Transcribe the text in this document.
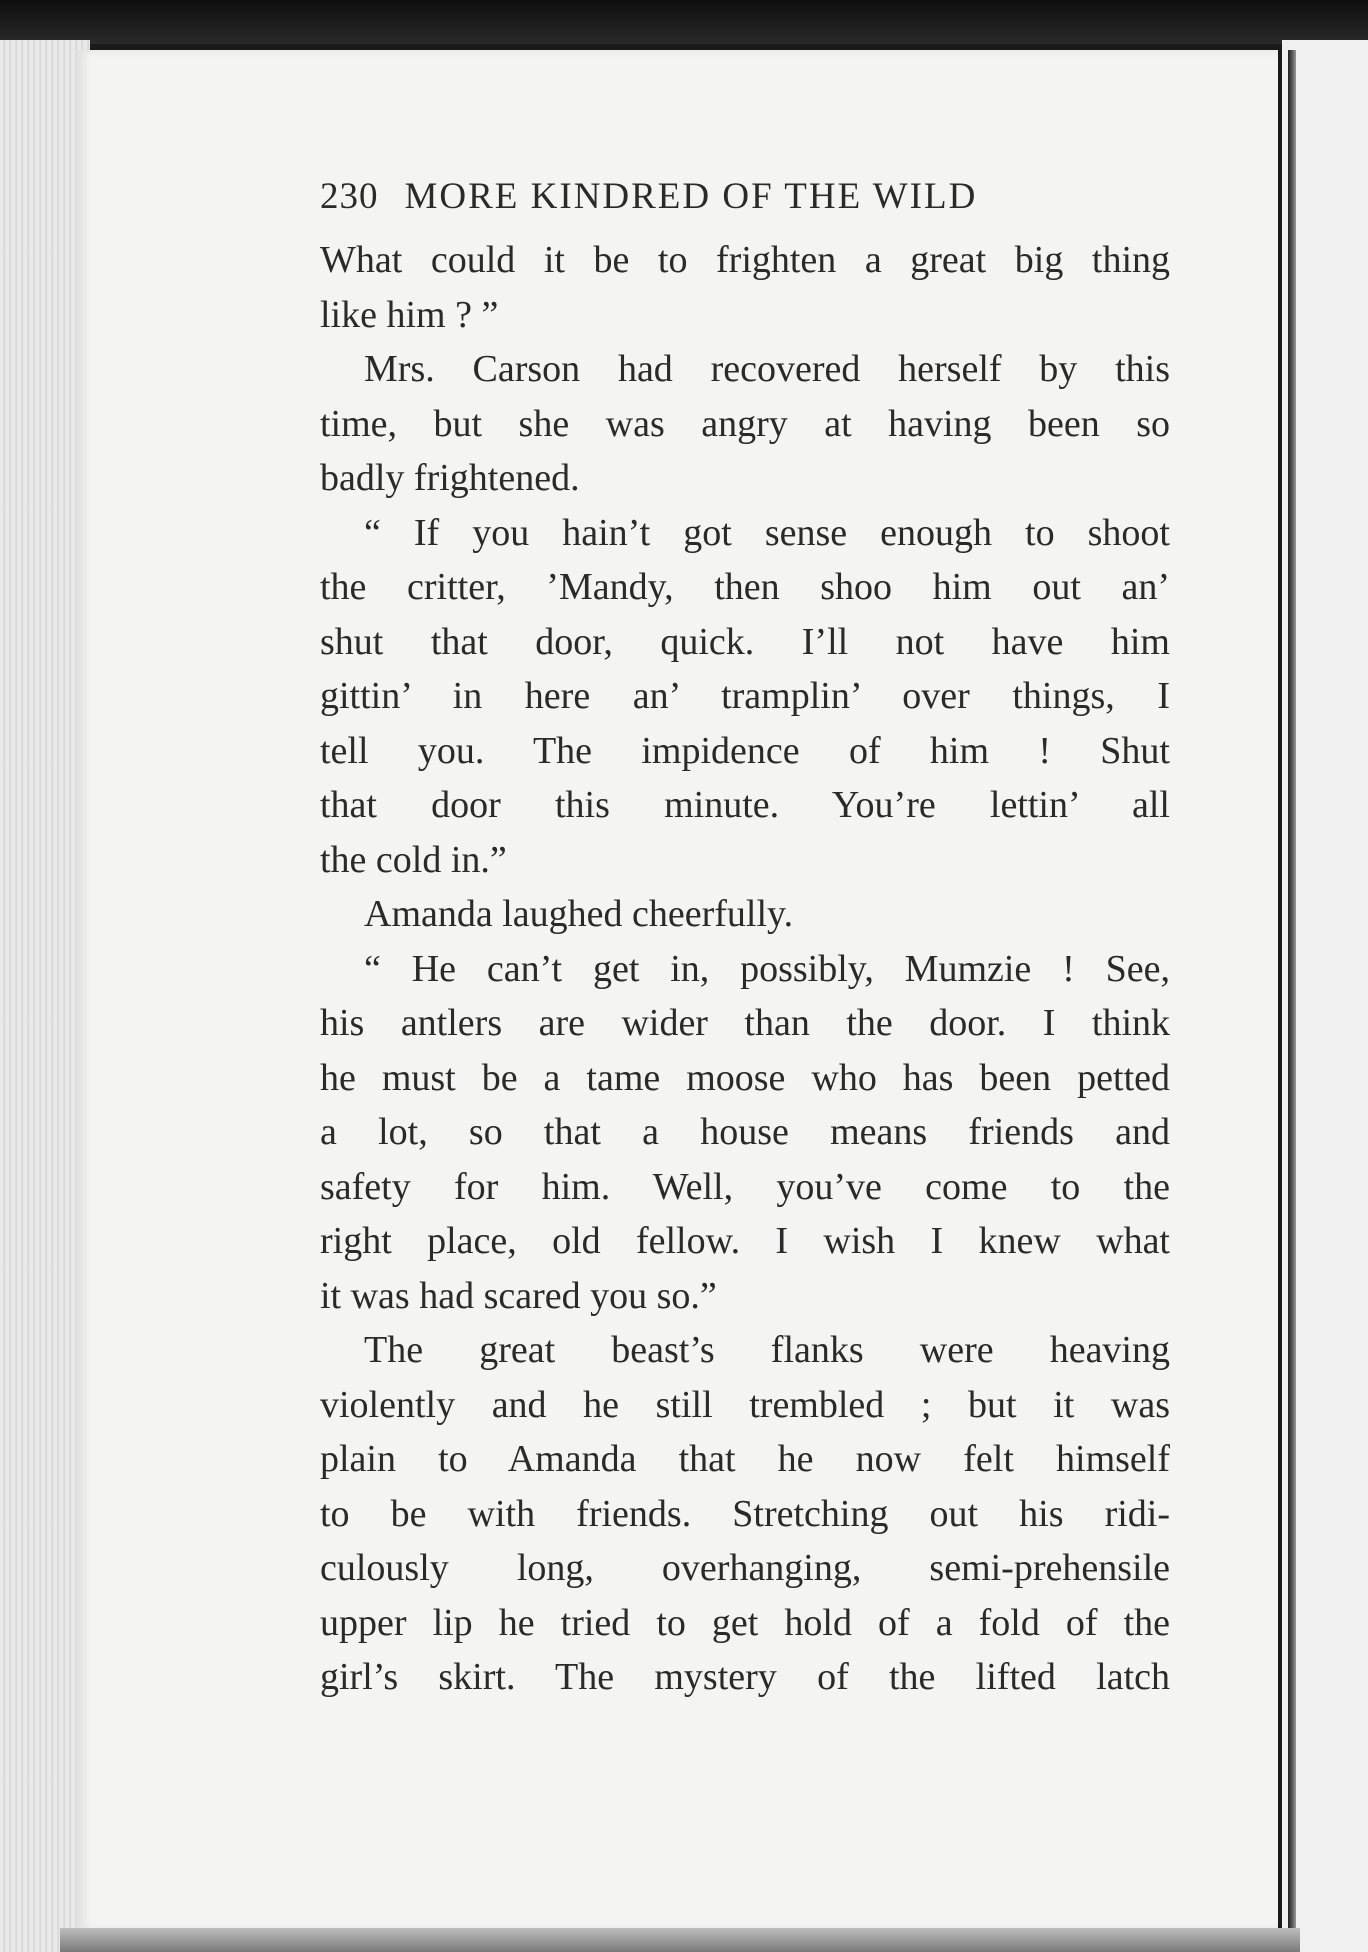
230 MORE KINDRED OF THE WILD

What could it be to frighten a great big thing
like him ? ”

Mrs. Carson had recovered herself by this
time, but she was angry at having been so
badly frightened.

“ If you hain’t got sense enough to shoot
the critter, ’Mandy, then shoo him out an’
shut that door, quick. I’ll not have him
gittin’ in here an’ tramplin’ over things, I
tell you. The impidence of him ! Shut
that door this minute. You’re lettin’ all
the cold in.”

Amanda laughed cheerfully.

“ He can’t get in, possibly, Mumzie ! See,
his antlers are wider than the door. I think
he must be a tame moose who has been petted
a lot, so that a house means friends and
safety for him. Well, you’ve come to the
right place, old fellow. I wish I knew what
it was had scared you so.”

The great beast’s flanks were heaving
violently and he still trembled ; but it was
plain to Amanda that he now felt himself
to be with friends. Stretching out his ridi-
culously long, overhanging, semi-prehensile
upper lip he tried to get hold of a fold of the
girl’s skirt. The mystery of the lifted latch
